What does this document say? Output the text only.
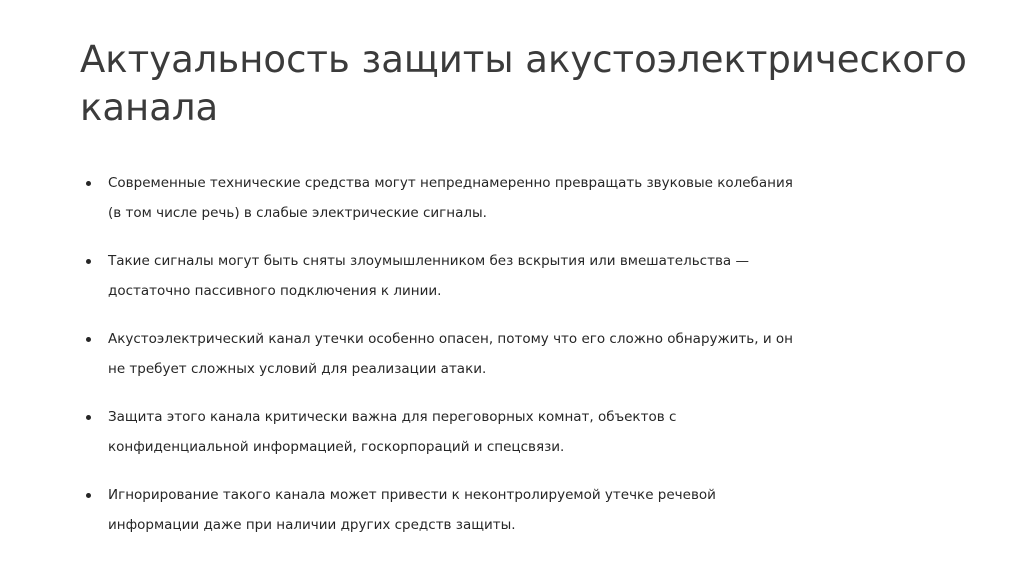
Актуальность защиты акустоэлектрического
канала
Современные технические средства могут непреднамеренно превращать звуковые колебания
(в том числе речь) в слабые электрические сигналы.
Такие сигналы могут быть сняты злоумышленником без вскрытия или вмешательства —
достаточно пассивного подключения к линии.
Акустоэлектрический канал утечки особенно опасен, потому что его сложно обнаружить, и он
не требует сложных условий для реализации атаки.
Защита этого канала критически важна для переговорных комнат, объектов с
конфиденциальной информацией, госкорпораций и спецсвязи.
Игнорирование такого канала может привести к неконтролируемой утечке речевой
информации даже при наличии других средств защиты.
